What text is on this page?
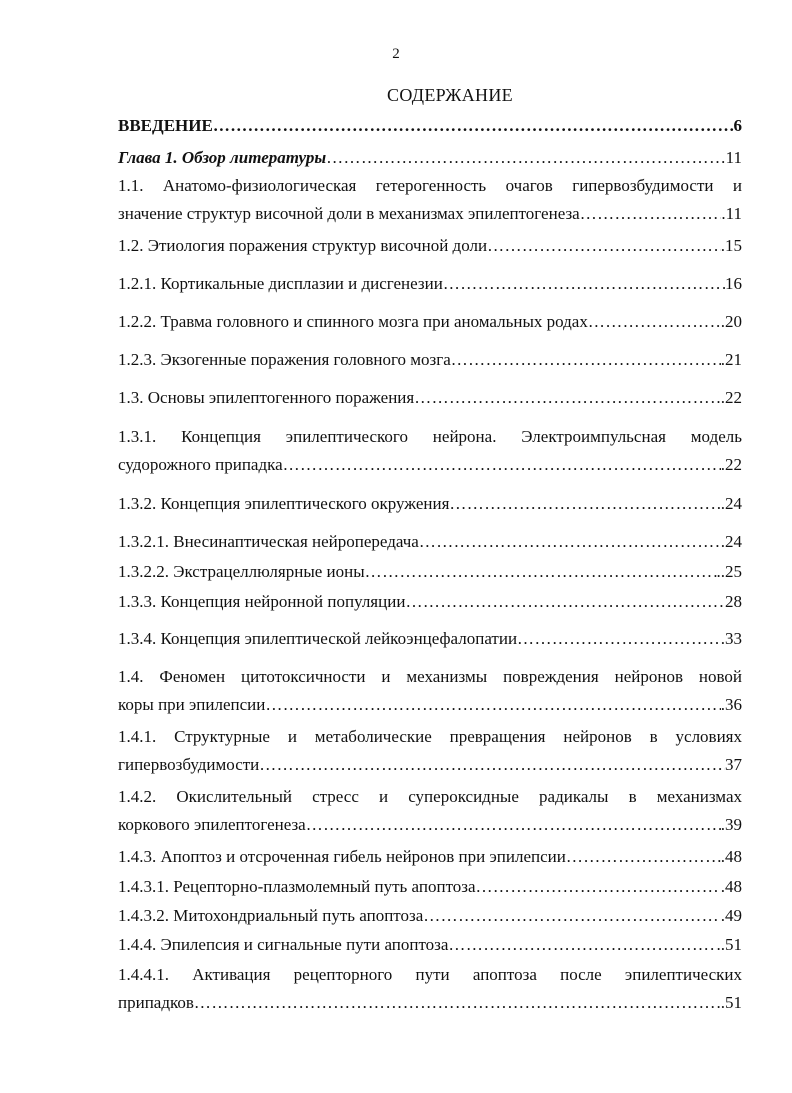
2
СОДЕРЖАНИЕ
ВВЕДЕНИЕ ………………………………………………………………………………………………………………………………………………………………	6
Глава 1. Обзор литературы ………………………………………………………………………………………………………………………………………………………………	11
1.1. Анатомо-физиологическая гетерогенность очагов гипервозбудимости и
значение структур височной доли в механизмах эпилептогенеза ………………………………………………………………………………………………………………………………………………………………	.11
1.2. Этиология поражения структур височной доли ………………………………………………………………………………………………………………………………………………………………	.15
1.2.1. Кортикальные дисплазии и дисгенезии ………………………………………………………………………………………………………………………………………………………………	16
1.2.2. Травма головного и спинного мозга при аномальных родах ………………………………………………………………………………………………………………………………………………………………	.20
1.2.3. Экзогенные поражения головного мозга ………………………………………………………………………………………………………………………………………………………………	.21
1.3. Основы эпилептогенного поражения ………………………………………………………………………………………………………………………………………………………………	.22
1.3.1. Концепция эпилептического нейрона. Электроимпульсная модель
судорожного припадка ………………………………………………………………………………………………………………………………………………………………	.22
1.3.2. Концепция эпилептического окружения ………………………………………………………………………………………………………………………………………………………………	.24
1.3.2.1. Внесинаптическая нейропередача ………………………………………………………………………………………………………………………………………………………………	.24
1.3.2.2. Экстрацеллюлярные ионы ………………………………………………………………………………………………………………………………………………………………	..25
1.3.3. Концепция нейронной популяции ………………………………………………………………………………………………………………………………………………………………	28
1.3.4. Концепция эпилептической лейкоэнцефалопатии ………………………………………………………………………………………………………………………………………………………………	.33
1.4. Феномен цитотоксичности и механизмы повреждения нейронов новой
коры при эпилепсии ………………………………………………………………………………………………………………………………………………………………	.36
1.4.1. Структурные и метаболические превращения нейронов в условиях
гипервозбудимости ………………………………………………………………………………………………………………………………………………………………	37
1.4.2. Окислительный стресс и супероксидные радикалы в механизмах
коркового эпилептогенеза ………………………………………………………………………………………………………………………………………………………………	.39
1.4.3. Апоптоз и отсроченная гибель нейронов при эпилепсии ………………………………………………………………………………………………………………………………………………………………	.48
1.4.3.1. Рецепторно-плазмолемный путь апоптоза ………………………………………………………………………………………………………………………………………………………………	.48
1.4.3.2. Митохондриальный путь апоптоза ………………………………………………………………………………………………………………………………………………………………	.49
1.4.4. Эпилепсия и сигнальные пути апоптоза ………………………………………………………………………………………………………………………………………………………………	..51
1.4.4.1. Активация рецепторного пути апоптоза после эпилептических
припадков ………………………………………………………………………………………………………………………………………………………………	..51
